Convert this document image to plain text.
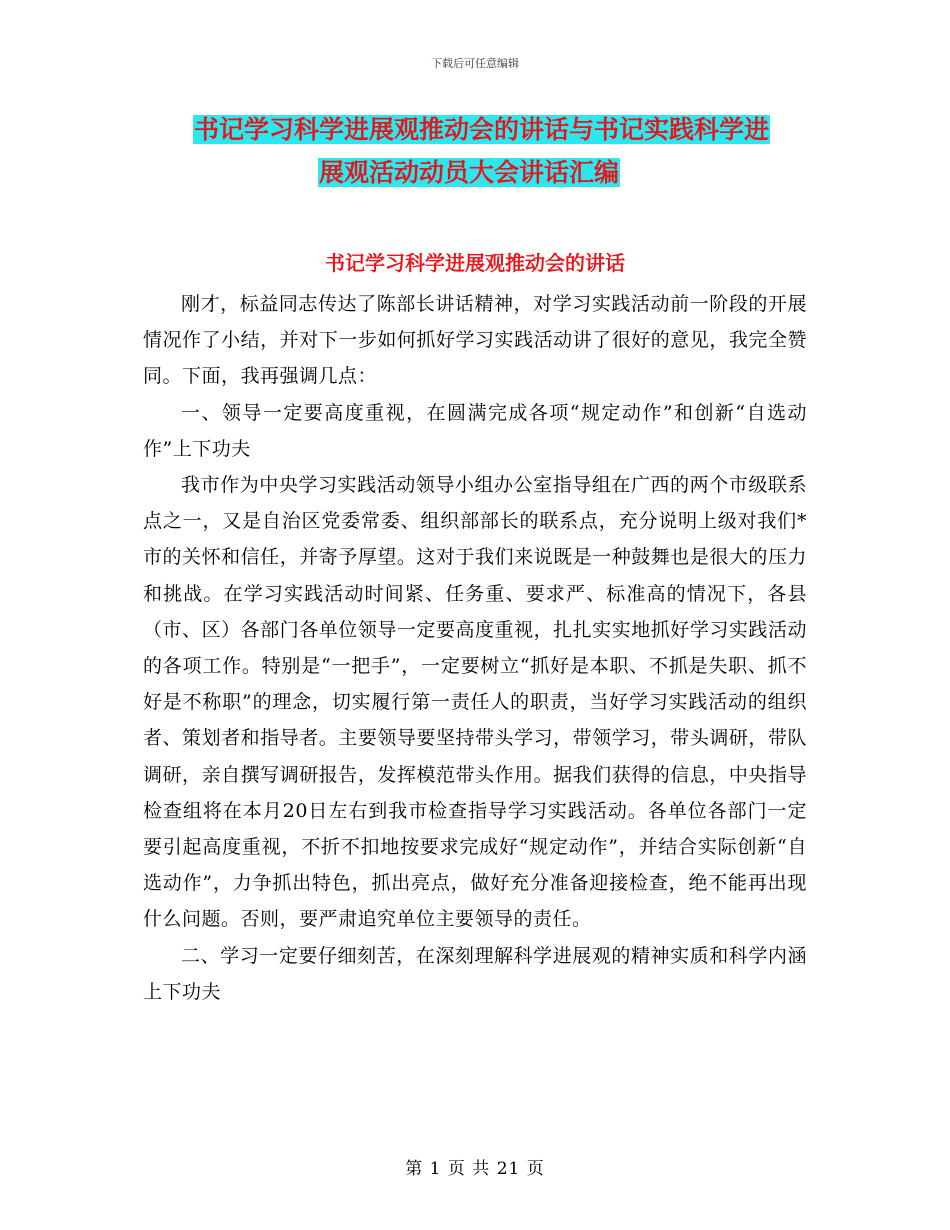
下载后可任意编辑
书记学习科学进展观推动会的讲话与书记实践科学进
展观活动动员大会讲话汇编
书记学习科学进展观推动会的讲话

刚才，标益同志传达了陈部长讲话精神，对学习实践活动前一阶段的开展情况作了小结，并对下一步如何抓好学习实践活动讲了很好的意见，我完全赞同。下面，我再强调几点：

一、领导一定要高度重视，在圆满完成各项“规定动作”和创新“自选动作”上下功夫

我市作为中央学习实践活动领导小组办公室指导组在广西的两个市级联系点之一，又是自治区党委常委、组织部部长的联系点，充分说明上级对我们*市的关怀和信任，并寄予厚望。这对于我们来说既是一种鼓舞也是很大的压力和挑战。在学习实践活动时间紧、任务重、要求严、标准高的情况下，各县（市、区）各部门各单位领导一定要高度重视，扎扎实实地抓好学习实践活动的各项工作。特别是“一把手”，一定要树立“抓好是本职、不抓是失职、抓不好是不称职”的理念，切实履行第一责任人的职责，当好学习实践活动的组织者、策划者和指导者。主要领导要坚持带头学习，带领学习，带头调研，带队调研，亲自撰写调研报告，发挥模范带头作用。据我们获得的信息，中央指导检查组将在本月20日左右到我市检查指导学习实践活动。各单位各部门一定要引起高度重视，不折不扣地按要求完成好“规定动作”，并结合实际创新“自选动作”，力争抓出特色，抓出亮点，做好充分准备迎接检查，绝不能再出现什么问题。否则，要严肃追究单位主要领导的责任。

二、学习一定要仔细刻苦，在深刻理解科学进展观的精神实质和科学内涵上下功夫

第 1 页 共 21 页
